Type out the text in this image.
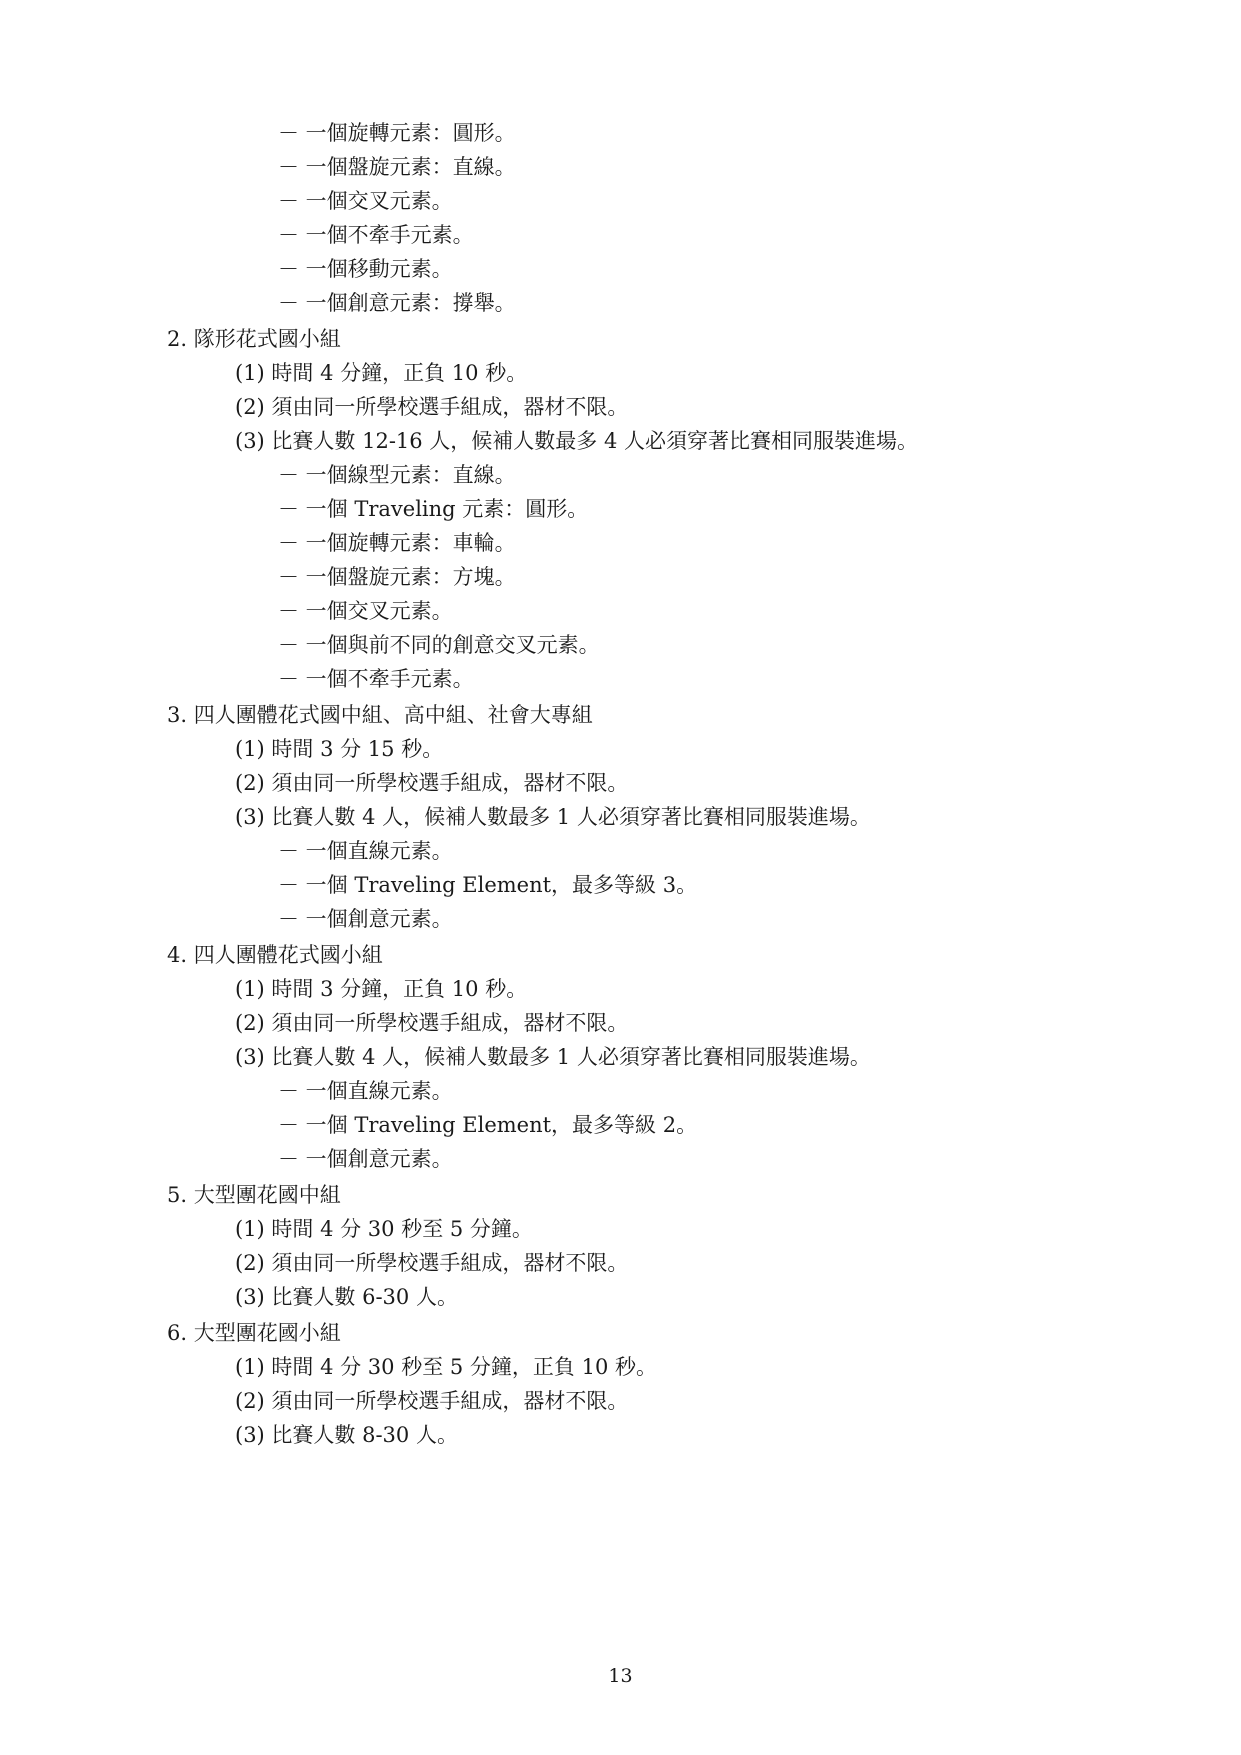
－ 一個旋轉元素：圓形。
－ 一個盤旋元素：直線。
－ 一個交叉元素。
－ 一個不牽手元素。
－ 一個移動元素。
－ 一個創意元素：撐舉。
2. 隊形花式國小組
(1) 時間 4 分鐘，正負 10 秒。
(2) 須由同一所學校選手組成，器材不限。
(3) 比賽人數 12-16 人，候補人數最多 4 人必須穿著比賽相同服裝進場。
－ 一個線型元素：直線。
－ 一個 Traveling 元素：圓形。
－ 一個旋轉元素：車輪。
－ 一個盤旋元素：方塊。
－ 一個交叉元素。
－ 一個與前不同的創意交叉元素。
－ 一個不牽手元素。
3. 四人團體花式國中組、高中組、社會大專組
(1) 時間 3 分 15 秒。
(2) 須由同一所學校選手組成，器材不限。
(3) 比賽人數 4 人，候補人數最多 1 人必須穿著比賽相同服裝進場。
－ 一個直線元素。
－ 一個 Traveling Element，最多等級 3。
－ 一個創意元素。
4. 四人團體花式國小組
(1) 時間 3 分鐘，正負 10 秒。
(2) 須由同一所學校選手組成，器材不限。
(3) 比賽人數 4 人，候補人數最多 1 人必須穿著比賽相同服裝進場。
－ 一個直線元素。
－ 一個 Traveling Element，最多等級 2。
－ 一個創意元素。
5. 大型團花國中組
(1) 時間 4 分 30 秒至 5 分鐘。
(2) 須由同一所學校選手組成，器材不限。
(3) 比賽人數 6-30 人。
6. 大型團花國小組
(1) 時間 4 分 30 秒至 5 分鐘，正負 10 秒。
(2) 須由同一所學校選手組成，器材不限。
(3) 比賽人數 8-30 人。
13
